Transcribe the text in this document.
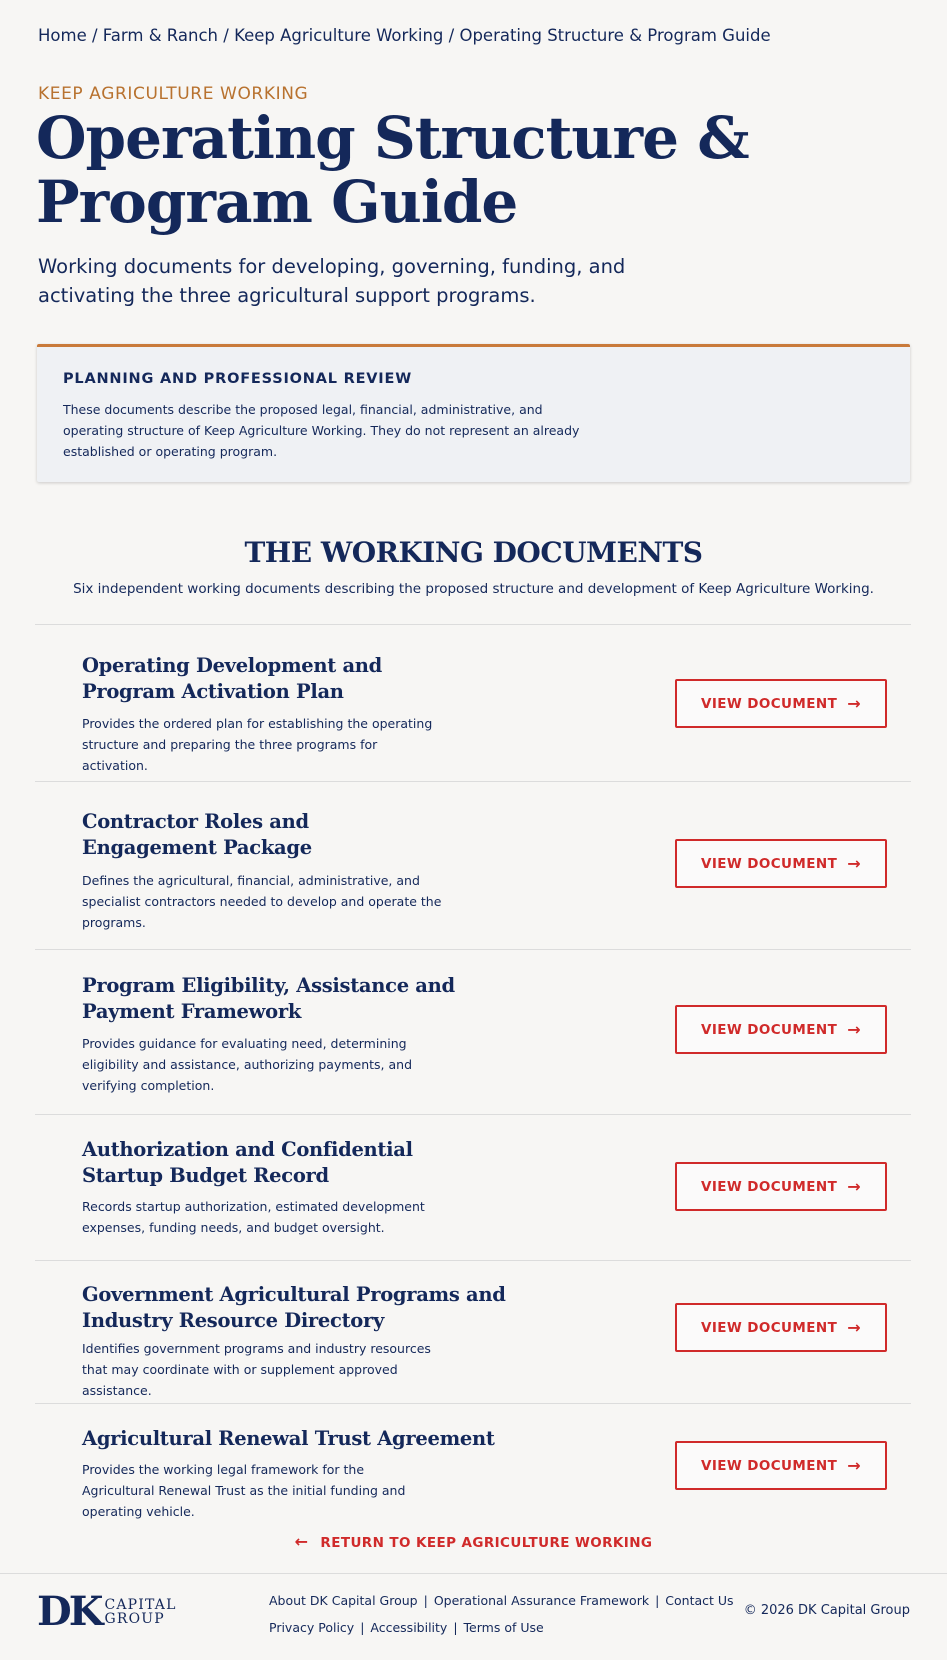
Home / Farm & Ranch / Keep Agriculture Working / Operating Structure & Program Guide
KEEP AGRICULTURE WORKING
Operating Structure &
Program Guide

Working documents for developing, governing, funding, and activating the three agricultural support programs.

PLANNING AND PROFESSIONAL REVIEW

These documents describe the proposed legal, financial, administrative, and operating structure of Keep Agriculture Working. They do not represent an already established or operating program.

THE WORKING DOCUMENTS

Six independent working documents describing the proposed structure and development of Keep Agriculture Working.

Operating Development and
Program Activation Plan

Provides the ordered plan for establishing the operating structure and preparing the three programs for activation.

VIEW DOCUMENT →
Contractor Roles and
Engagement Package

Defines the agricultural, financial, administrative, and specialist contractors needed to develop and operate the programs.

VIEW DOCUMENT →
Program Eligibility, Assistance and
Payment Framework

Provides guidance for evaluating need, determining eligibility and assistance, authorizing payments, and verifying completion.

VIEW DOCUMENT →
Authorization and Confidential
Startup Budget Record

Records startup authorization, estimated development expenses, funding needs, and budget oversight.

VIEW DOCUMENT →
Government Agricultural Programs and
Industry Resource Directory

Identifies government programs and industry resources that may coordinate with or supplement approved assistance.

VIEW DOCUMENT →
Agricultural Renewal Trust Agreement

Provides the working legal framework for the Agricultural Renewal Trust as the initial funding and operating vehicle.

VIEW DOCUMENT →
← RETURN TO KEEP AGRICULTURE WORKING
DK CAPITAL
GROUP
About DK Capital Group | Operational Assurance Framework | Contact Us
Privacy Policy | Accessibility | Terms of Use
© 2026 DK Capital Group
